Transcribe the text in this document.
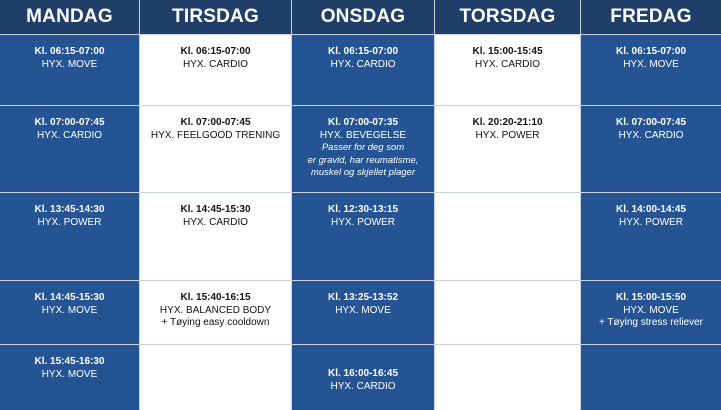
MANDAG
Kl. 06:15-07:00
HYX. MOVE
Kl. 07:00-07:45
HYX. CARDIO
Kl. 13:45-14:30
HYX. POWER
Kl. 14:45-15:30
HYX. MOVE
Kl. 15:45-16:30
HYX. MOVE
TIRSDAG
Kl. 06:15-07:00
HYX. CARDIO
Kl. 07:00-07:45
HYX. FEELGOOD TRENING
Kl. 14:45-15:30
HYX. CARDIO
Kl. 15:40-16:15
HYX. BALANCED BODY
+ Tøying easy cooldown
ONSDAG
Kl. 06:15-07:00
HYX. CARDIO
Kl. 07:00-07:35
HYX. BEVEGELSE
Passer for deg som
er gravid, har reumatisme,
muskel og skjellet plager
Kl. 12:30-13:15
HYX. POWER
Kl. 13:25-13:52
HYX. MOVE
Kl. 16:00-16:45
HYX. CARDIO
TORSDAG
Kl. 15:00-15:45
HYX. CARDIO
Kl. 20:20-21:10
HYX. POWER
FREDAG
Kl. 06:15-07:00
HYX. MOVE
Kl. 07:00-07:45
HYX. CARDIO
Kl. 14:00-14:45
HYX. POWER
Kl. 15:00-15:50
HYX. MOVE
+ Tøying stress reliever
